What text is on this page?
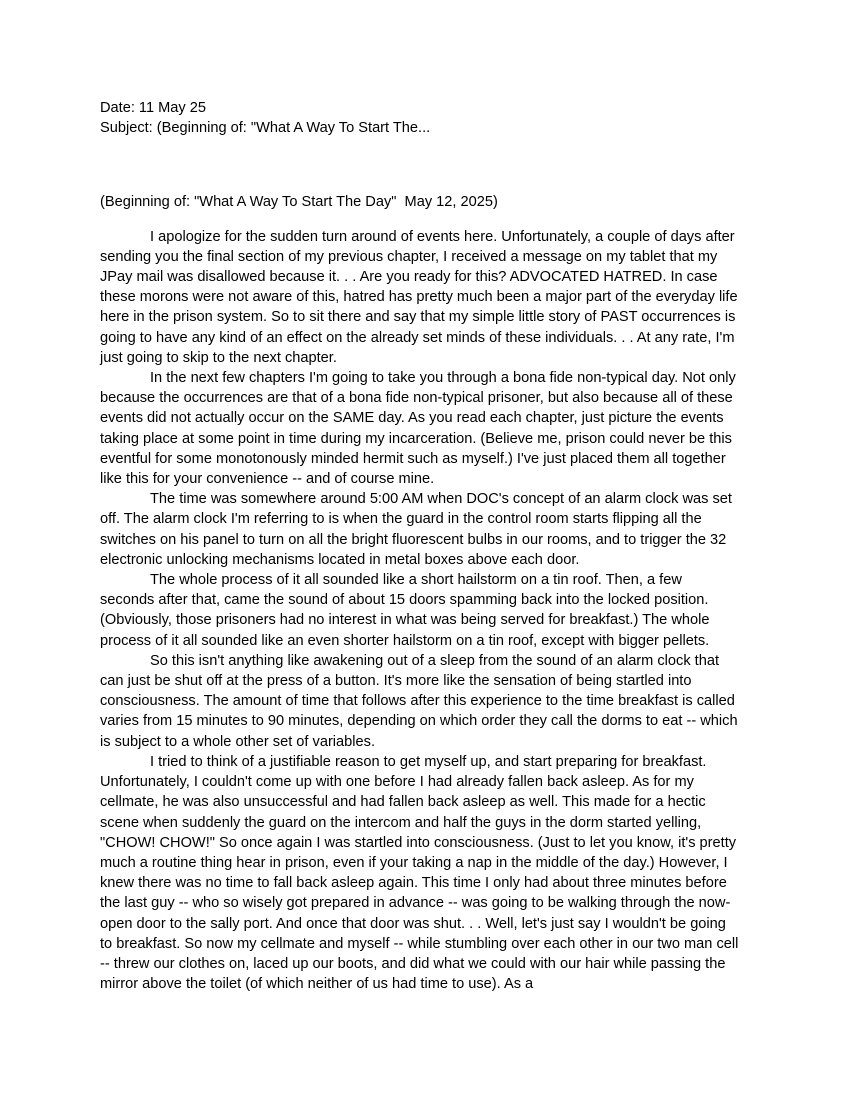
Date: 11 May 25

Subject: (Beginning of: "What A Way To Start The...

(Beginning of: "What A Way To Start The Day"  May 12, 2025)

I apologize for the sudden turn around of events here. Unfortunately, a couple of days after sending you the final section of my previous chapter, I received a message on my tablet that my JPay mail was disallowed because it. . . Are you ready for this? ADVOCATED HATRED. In case these morons were not aware of this, hatred has pretty much been a major part of the everyday life here in the prison system. So to sit there and say that my simple little story of PAST occurrences is going to have any kind of an effect on the already set minds of these individuals. . . At any rate, I'm just going to skip to the next chapter.

In the next few chapters I'm going to take you through a bona fide non-typical day. Not only because the occurrences are that of a bona fide non-typical prisoner, but also because all of these events did not actually occur on the SAME day. As you read each chapter, just picture the events taking place at some point in time during my incarceration. (Believe me, prison could never be this eventful for some monotonously minded hermit such as myself.) I've just placed them all together like this for your convenience -- and of course mine.

The time was somewhere around 5:00 AM when DOC's concept of an alarm clock was set off. The alarm clock I'm referring to is when the guard in the control room starts flipping all the switches on his panel to turn on all the bright fluorescent bulbs in our rooms, and to trigger the 32 electronic unlocking mechanisms located in metal boxes above each door.

The whole process of it all sounded like a short hailstorm on a tin roof. Then, a few seconds after that, came the sound of about 15 doors spamming back into the locked position. (Obviously, those prisoners had no interest in what was being served for breakfast.) The whole process of it all sounded like an even shorter hailstorm on a tin roof, except with bigger pellets.

So this isn't anything like awakening out of a sleep from the sound of an alarm clock that can just be shut off at the press of a button. It's more like the sensation of being startled into consciousness. The amount of time that follows after this experience to the time breakfast is called varies from 15 minutes to 90 minutes, depending on which order they call the dorms to eat -- which is subject to a whole other set of variables.

I tried to think of a justifiable reason to get myself up, and start preparing for breakfast. Unfortunately, I couldn't come up with one before I had already fallen back asleep. As for my cellmate, he was also unsuccessful and had fallen back asleep as well. This made for a hectic scene when suddenly the guard on the intercom and half the guys in the dorm started yelling, "CHOW! CHOW!" So once again I was startled into consciousness. (Just to let you know, it's pretty much a routine thing hear in prison, even if your taking a nap in the middle of the day.) However, I knew there was no time to fall back asleep again. This time I only had about three minutes before the last guy -- who so wisely got prepared in advance -- was going to be walking through the now-open door to the sally port. And once that door was shut. . . Well, let's just say I wouldn't be going to breakfast. So now my cellmate and myself -- while stumbling over each other in our two man cell -- threw our clothes on, laced up our boots, and did what we could with our hair while passing the mirror above the toilet (of which neither of us had time to use). As a
